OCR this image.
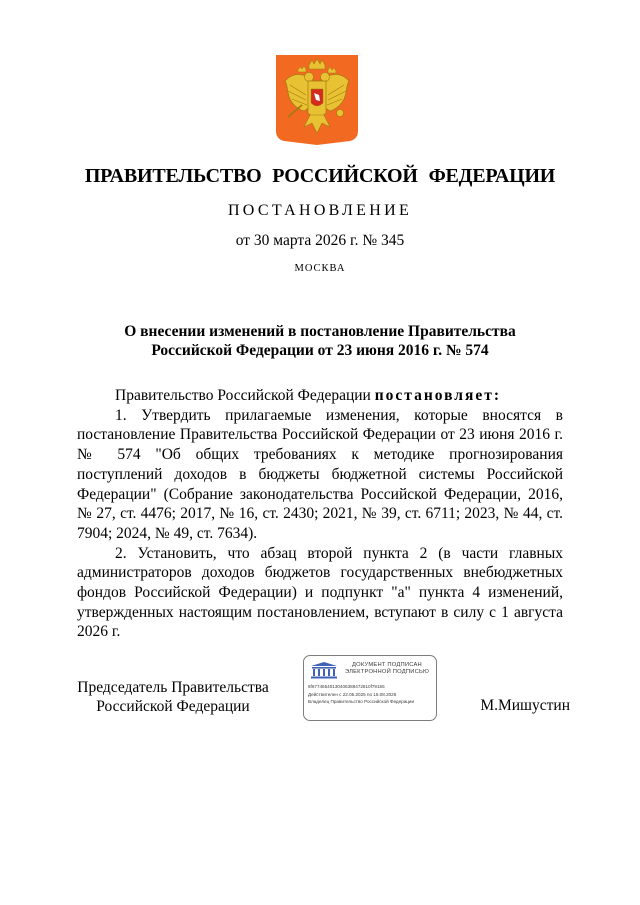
ПРАВИТЕЛЬСТВО РОССИЙСКОЙ ФЕДЕРАЦИИ
ПОСТАНОВЛЕНИЕ
от 30 марта 2026 г. № 345
МОСКВА
О внесении изменений в постановление Правительства
Российской Федерации от 23 июня 2016 г. № 574

Правительство Российской Федерации постановляет:

1. Утвердить прилагаемые изменения, которые вносятся в постановление Правительства Российской Федерации от 23 июня 2016 г. № 574 "Об общих требованиях к методике прогнозирования поступлений доходов в бюджеты бюджетной системы Российской Федерации" (Собрание законодательства Российской Федерации, 2016, № 27, ст. 4476; 2017, № 16, ст. 2430; 2021, № 39, ст. 6711; 2023, № 44, ст. 7904; 2024, № 49, ст. 7634).

2. Установить, что абзац второй пункта 2 (в части главных администраторов доходов бюджетов государственных внебюджетных фондов Российской Федерации) и подпункт "а" пункта 4 изменений, утвержденных настоящим постановлением, вступают в силу с 1 августа 2026 г.

Председатель Правительства
Российской Федерации
ДОКУМЕНТ ПОДПИСАН
ЭЛЕКТРОННОЙ ПОДПИСЬЮ
6f67746540130406388472810f79155
Действителен с 22.05.2025 по 15.08.2026
Владелец Правительство Российской Федерации	М.Мишустин
